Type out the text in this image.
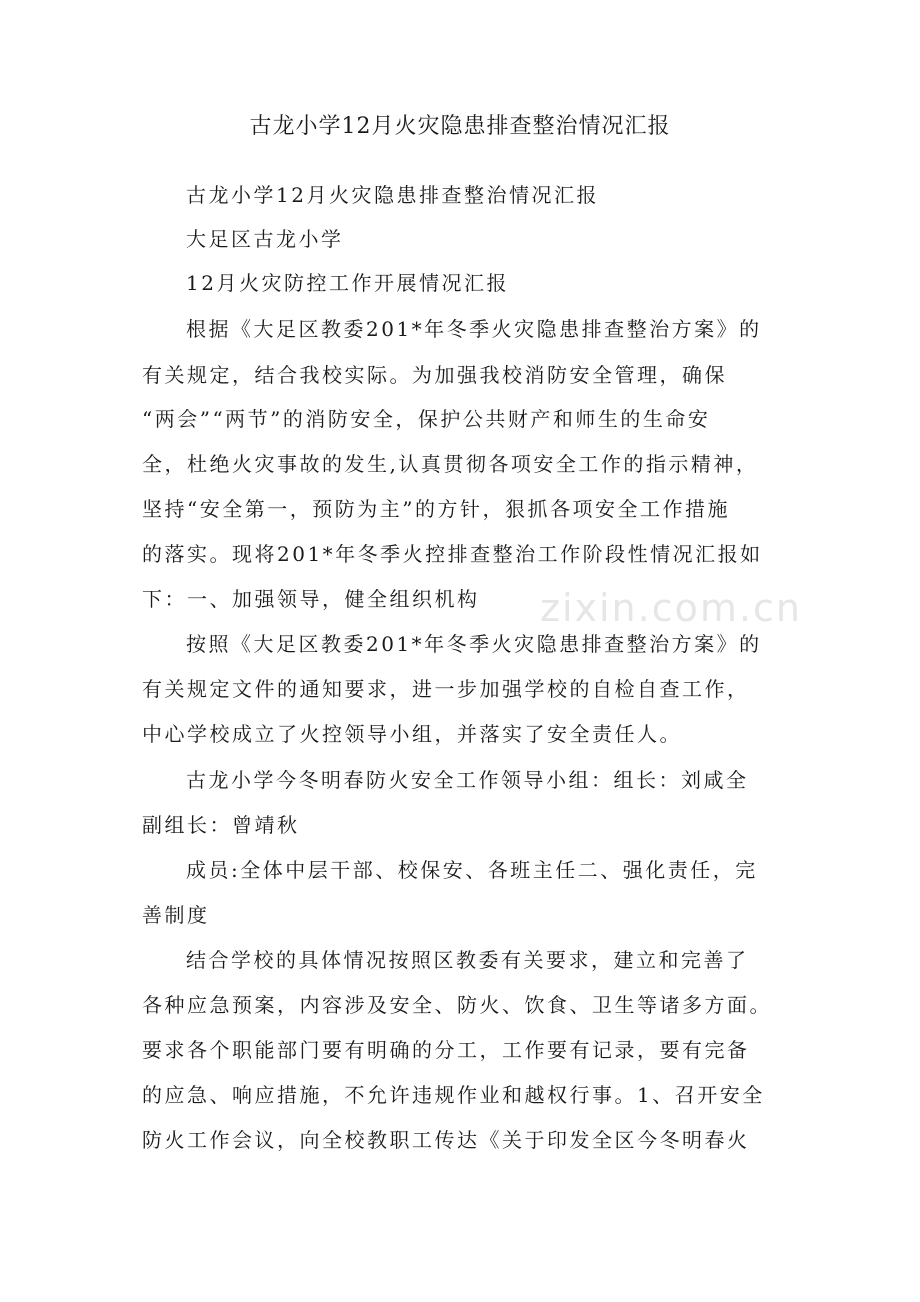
古龙小学12月火灾隐患排查整治情况汇报
古龙小学12月火灾隐患排查整治情况汇报
大足区古龙小学
12月火灾防控工作开展情况汇报
根据《大足区教委201*年冬季火灾隐患排查整治方案》的
有关规定，结合我校实际。为加强我校消防安全管理，确保
“两会”“两节”的消防安全，保护公共财产和师生的生命安
全，杜绝火灾事故的发生,认真贯彻各项安全工作的指示精神，
坚持“安全第一，预防为主”的方针，狠抓各项安全工作措施
的落实。现将201*年冬季火控排查整治工作阶段性情况汇报如
下：一、加强领导，健全组织机构
按照《大足区教委201*年冬季火灾隐患排查整治方案》的
有关规定文件的通知要求，进一步加强学校的自检自查工作，
中心学校成立了火控领导小组，并落实了安全责任人。
古龙小学今冬明春防火安全工作领导小组：组长：刘咸全
副组长：曾靖秋
成员:全体中层干部、校保安、各班主任二、强化责任，完
善制度
结合学校的具体情况按照区教委有关要求，建立和完善了
各种应急预案，内容涉及安全、防火、饮食、卫生等诸多方面。
要求各个职能部门要有明确的分工，工作要有记录，要有完备
的应急、响应措施，不允许违规作业和越权行事。1、召开安全
防火工作会议，向全校教职工传达《关于印发全区今冬明春火
zixin.com.cn
